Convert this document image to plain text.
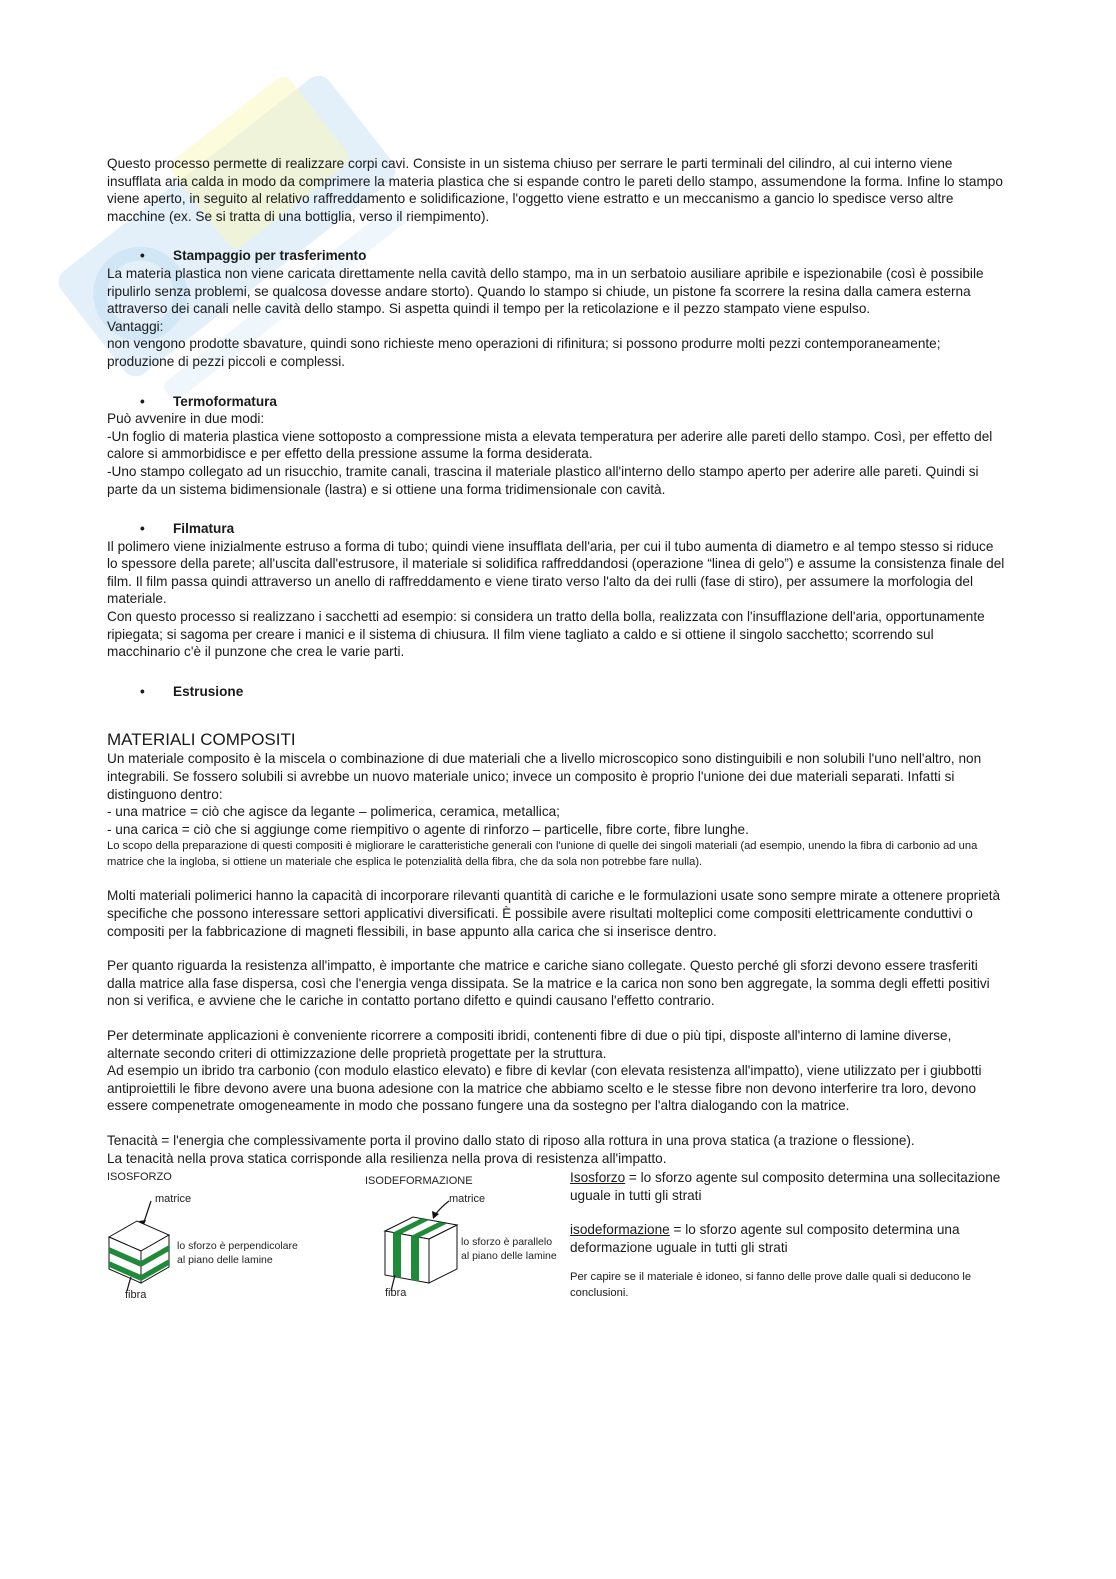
Questo processo permette di realizzare corpi cavi. Consiste in un sistema chiuso per serrare le parti terminali del cilindro, al cui interno viene insufflata aria calda in modo da comprimere la materia plastica che si espande contro le pareti dello stampo, assumendone la forma. Infine lo stampo viene aperto, in seguito al relativo raffreddamento e solidificazione, l'oggetto viene estratto e un meccanismo a gancio lo spedisce verso altre macchine (ex. Se si tratta di una bottiglia, verso il riempimento).

•	Stampaggio per trasferimento

La materia plastica non viene caricata direttamente nella cavità dello stampo, ma in un serbatoio ausiliare apribile e ispezionabile (così è possibile ripulirlo senza problemi, se qualcosa dovesse andare storto). Quando lo stampo si chiude, un pistone fa scorrere la resina dalla camera esterna attraverso dei canali nelle cavità dello stampo. Si aspetta quindi il tempo per la reticolazione e il pezzo stampato viene espulso.

Vantaggi:

non vengono prodotte sbavature, quindi sono richieste meno operazioni di rifinitura; si possono produrre molti pezzi contemporaneamente; produzione di pezzi piccoli e complessi.

•	Termoformatura

Può avvenire in due modi:

-Un foglio di materia plastica viene sottoposto a compressione mista a elevata temperatura per aderire alle pareti dello stampo. Così, per effetto del calore si ammorbidisce e per effetto della pressione assume la forma desiderata.

-Uno stampo collegato ad un risucchio, tramite canali, trascina il materiale plastico all'interno dello stampo aperto per aderire alle pareti. Quindi si parte da un sistema bidimensionale (lastra) e si ottiene una forma tridimensionale con cavità.

•	Filmatura

Il polimero viene inizialmente estruso a forma di tubo; quindi viene insufflata dell'aria, per cui il tubo aumenta di diametro e al tempo stesso si riduce lo spessore della parete; all'uscita dall'estrusore, il materiale si solidifica raffreddandosi (operazione “linea di gelo”) e assume la consistenza finale del film. Il film passa quindi attraverso un anello di raffreddamento e viene tirato verso l'alto da dei rulli (fase di stiro), per assumere la morfologia del materiale.

Con questo processo si realizzano i sacchetti ad esempio: si considera un tratto della bolla, realizzata con l'insufflazione dell'aria, opportunamente ripiegata; si sagoma per creare i manici e il sistema di chiusura. Il film viene tagliato a caldo e si ottiene il singolo sacchetto; scorrendo sul macchinario c'è il punzone che crea le varie parti.

•	Estrusione
MATERIALI COMPOSITI

Un materiale composito è la miscela o combinazione di due materiali che a livello microscopico sono distinguibili e non solubili l'uno nell'altro, non integrabili. Se fossero solubili si avrebbe un nuovo materiale unico; invece un composito è proprio l'unione dei due materiali separati. Infatti si distinguono dentro:

- una matrice = ciò che agisce da legante – polimerica, ceramica, metallica;

- una carica = ciò che si aggiunge come riempitivo o agente di rinforzo – particelle, fibre corte, fibre lunghe.

Lo scopo della preparazione di questi compositi è migliorare le caratteristiche generali con l'unione di quelle dei singoli materiali (ad esempio, unendo la fibra di carbonio ad una matrice che la ingloba, si ottiene un materiale che esplica le potenzialità della fibra, che da sola non potrebbe fare nulla).

Molti materiali polimerici hanno la capacità di incorporare rilevanti quantità di cariche e le formulazioni usate sono sempre mirate a ottenere proprietà specifiche che possono interessare settori applicativi diversificati. È possibile avere risultati molteplici come compositi elettricamente conduttivi o compositi per la fabbricazione di magneti flessibili, in base appunto alla carica che si inserisce dentro.

Per quanto riguarda la resistenza all'impatto, è importante che matrice e cariche siano collegate. Questo perché gli sforzi devono essere trasferiti dalla matrice alla fase dispersa, così che l'energia venga dissipata. Se la matrice e la carica non sono ben aggregate, la somma degli effetti positivi non si verifica, e avviene che le cariche in contatto portano difetto e quindi causano l'effetto contrario.

Per determinate applicazioni è conveniente ricorrere a compositi ibridi, contenenti fibre di due o più tipi, disposte all'interno di lamine diverse, alternate secondo criteri di ottimizzazione delle proprietà progettate per la struttura.

Ad esempio un ibrido tra carbonio (con modulo elastico elevato) e fibre di kevlar (con elevata resistenza all'impatto), viene utilizzato per i giubbotti antiproiettili le fibre devono avere una buona adesione con la matrice che abbiamo scelto e le stesse fibre non devono interferire tra loro, devono essere compenetrate omogeneamente in modo che possano fungere una da sostegno per l'altra dialogando con la matrice.

Tenacità = l'energia che complessivamente porta il provino dallo stato di riposo alla rottura in una prova statica (a trazione o flessione).

La tenacità nella prova statica corrisponde alla resilienza nella prova di resistenza all'impatto.

ISOSFORZO
matrice
fibra
lo sforzo è perpendicolare
al piano delle lamine
ISODEFORMAZIONE
matrice
fibra
lo sforzo è parallelo
al piano delle lamine

Isosforzo = lo sforzo agente sul composito determina una sollecitazione uguale in tutti gli strati

isodeformazione = lo sforzo agente sul composito determina una deformazione uguale in tutti gli strati

Per capire se il materiale è idoneo, si fanno delle prove dalle quali si deducono le conclusioni.
